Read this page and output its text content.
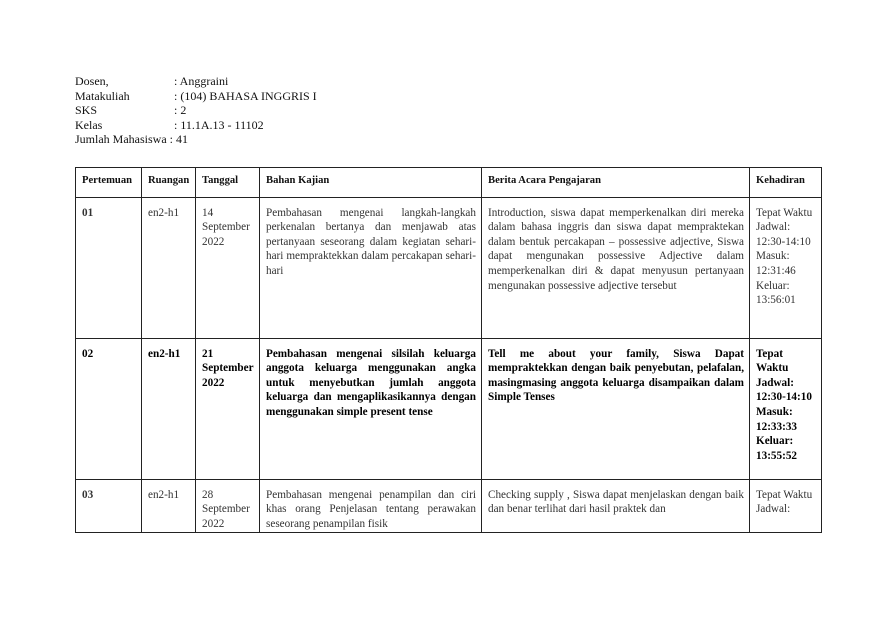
Dosen,	: Anggraini
Matakuliah	: (104) BAHASA INGGRIS I
SKS	: 2
Kelas	: 11.1A.13 - 11102
Jumlah Mahasiswa : 41
Pertemuan	Ruangan	Tanggal	Bahan Kajian	Berita Acara Pengajaran	Kehadiran
01	en2-h1	14 September 2022	Pembahasan mengenai langkah-langkah perkenalan bertanya dan menjawab atas pertanyaan seseorang dalam kegiatan sehari-hari mempraktekkan dalam percakapan sehari-hari	Introduction, siswa dapat memperkenalkan diri mereka dalam bahasa inggris dan siswa dapat mempraktekan dalam bentuk percakapan – possessive adjective, Siswa dapat mengunakan possessive Adjective dalam memperkenalkan diri & dapat menyusun pertanyaan mengunakan possessive adjective tersebut	Tepat Waktu Jadwal: 12:30-14:10 Masuk: 12:31:46 Keluar: 13:56:01
02	en2-h1	21 September 2022	Pembahasan mengenai silsilah keluarga anggota keluarga menggunakan angka untuk menyebutkan jumlah anggota keluarga dan mengaplikasikannya dengan menggunakan simple present tense	Tell me about your family, Siswa Dapat mempraktekkan dengan baik penyebutan, pelafalan, masingmasing anggota keluarga disampaikan dalam Simple Tenses	Tepat Waktu Jadwal: 12:30-14:10 Masuk: 12:33:33 Keluar: 13:55:52

03	en2-h1	28 September 2022	Pembahasan mengenai penampilan dan ciri khas orang Penjelasan tentang perawakan seseorang penampilan fisik	Checking supply , Siswa dapat menjelaskan dengan baik dan benar terlihat dari hasil praktek dan	Tepat Waktu Jadwal:
